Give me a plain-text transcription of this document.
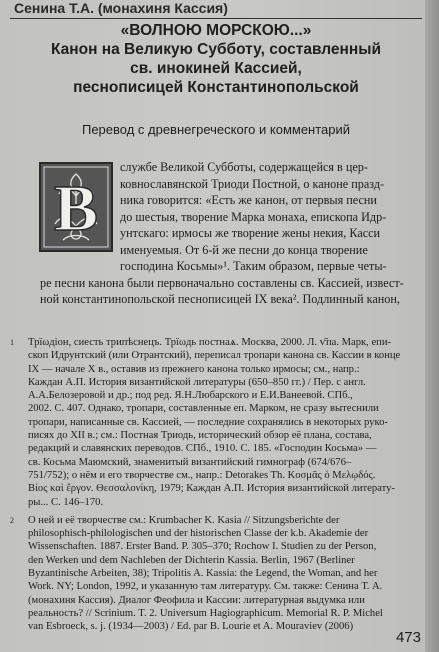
Сенина Т.А. (монахиня Кассия)
«ВОЛНОЮ МОРСКОЮ...»
Канон на Великую Субботу, составленный
св. инокиней Кассией,
песнописицей Константинопольской
Перевод с древнегреческого и комментарий
В
службе Великой Субботы, содержащейся в цер-
ковнославянской Триоди Постной, о каноне празд-
ника говорится: «Есть же канон, от первыя песни
до шестыя, творение Марка монаха, епископа Идр-
унтскаго: ирмосы же творение жены некия, Касси
именуемыя. От 6-й же песни до конца творение
господина Косьмы»¹. Таким образом, первые четы-
ре песни канона были первоначально составлены св. Кассией, извест-
ной константинопольской песнописицей IX века². Подлинный канон,
1 Трїωдіон, сиесть трипѣснецъ. Трїωдь постнаѧ. Москва, 2000. Л. ѵ҃па. Марк, епи-
скоп Идрунтский (или Отрантский), переписал тропари канона св. Кассии в конце
IX — начале X в., оставив из прежнего канона только ирмосы; см., напр.:
Каждан А.П. История византийской литературы (650–850 гг.) / Пер. с англ.
А.А.Белозеровой и др.; под ред. Я.Н.Любарского и Е.И.Ванеевой. СПб.,
2002. С. 407. Однако, тропари, составленные еп. Марком, не сразу вытеснили
тропари, написанные св. Кассией, — последние сохранялись в некоторых руко-
писях до XII в.; см.: Постная Триодь, исторический обзор её плана, состава,
редакций и славянских переводов. СПб., 1910. С. 185. «Господин Косьма» —
св. Косьма Маюмский, знаменитый византийский гимнограф (674/676–
751/752); о нём и его творчестве см., напр.: Detorakes Th. Κοσμᾶς ὁ Μελῳδός.
Βίος καὶ ἔργον. Θεσσαλονίκη, 1979; Каждан А.П. История византийской литерату-
ры... С. 146–170.
2 О ней и её творчестве см.: Krumbacher K. Kasia // Sitzungsberichte der
philosophisch-philologischen und der historischen Classe der k.b. Akademie der
Wissenschaften. 1887. Erster Band. P. 305–370; Rochow I. Studien zu der Person,
den Werken und dem Nachleben der Dichterin Kassia. Berlin, 1967 (Berliner
Byzantinische Arbeiten, 38); Tripolitis A. Kassia: the Legend, the Woman, and her
Work. NY; London, 1992, и указанную там литературу. См. также: Сенина Т. А.
(монахиня Кассия). Диалог Феофила и Кассии: литературная выдумка или
реальность? // Scrinium. T. 2. Universum Hagiographicum. Memorial R. P. Michel
van Esbroeck, s. j. (1934—2003) / Ed. par B. Lourie et A. Mouraviev (2006)
473
